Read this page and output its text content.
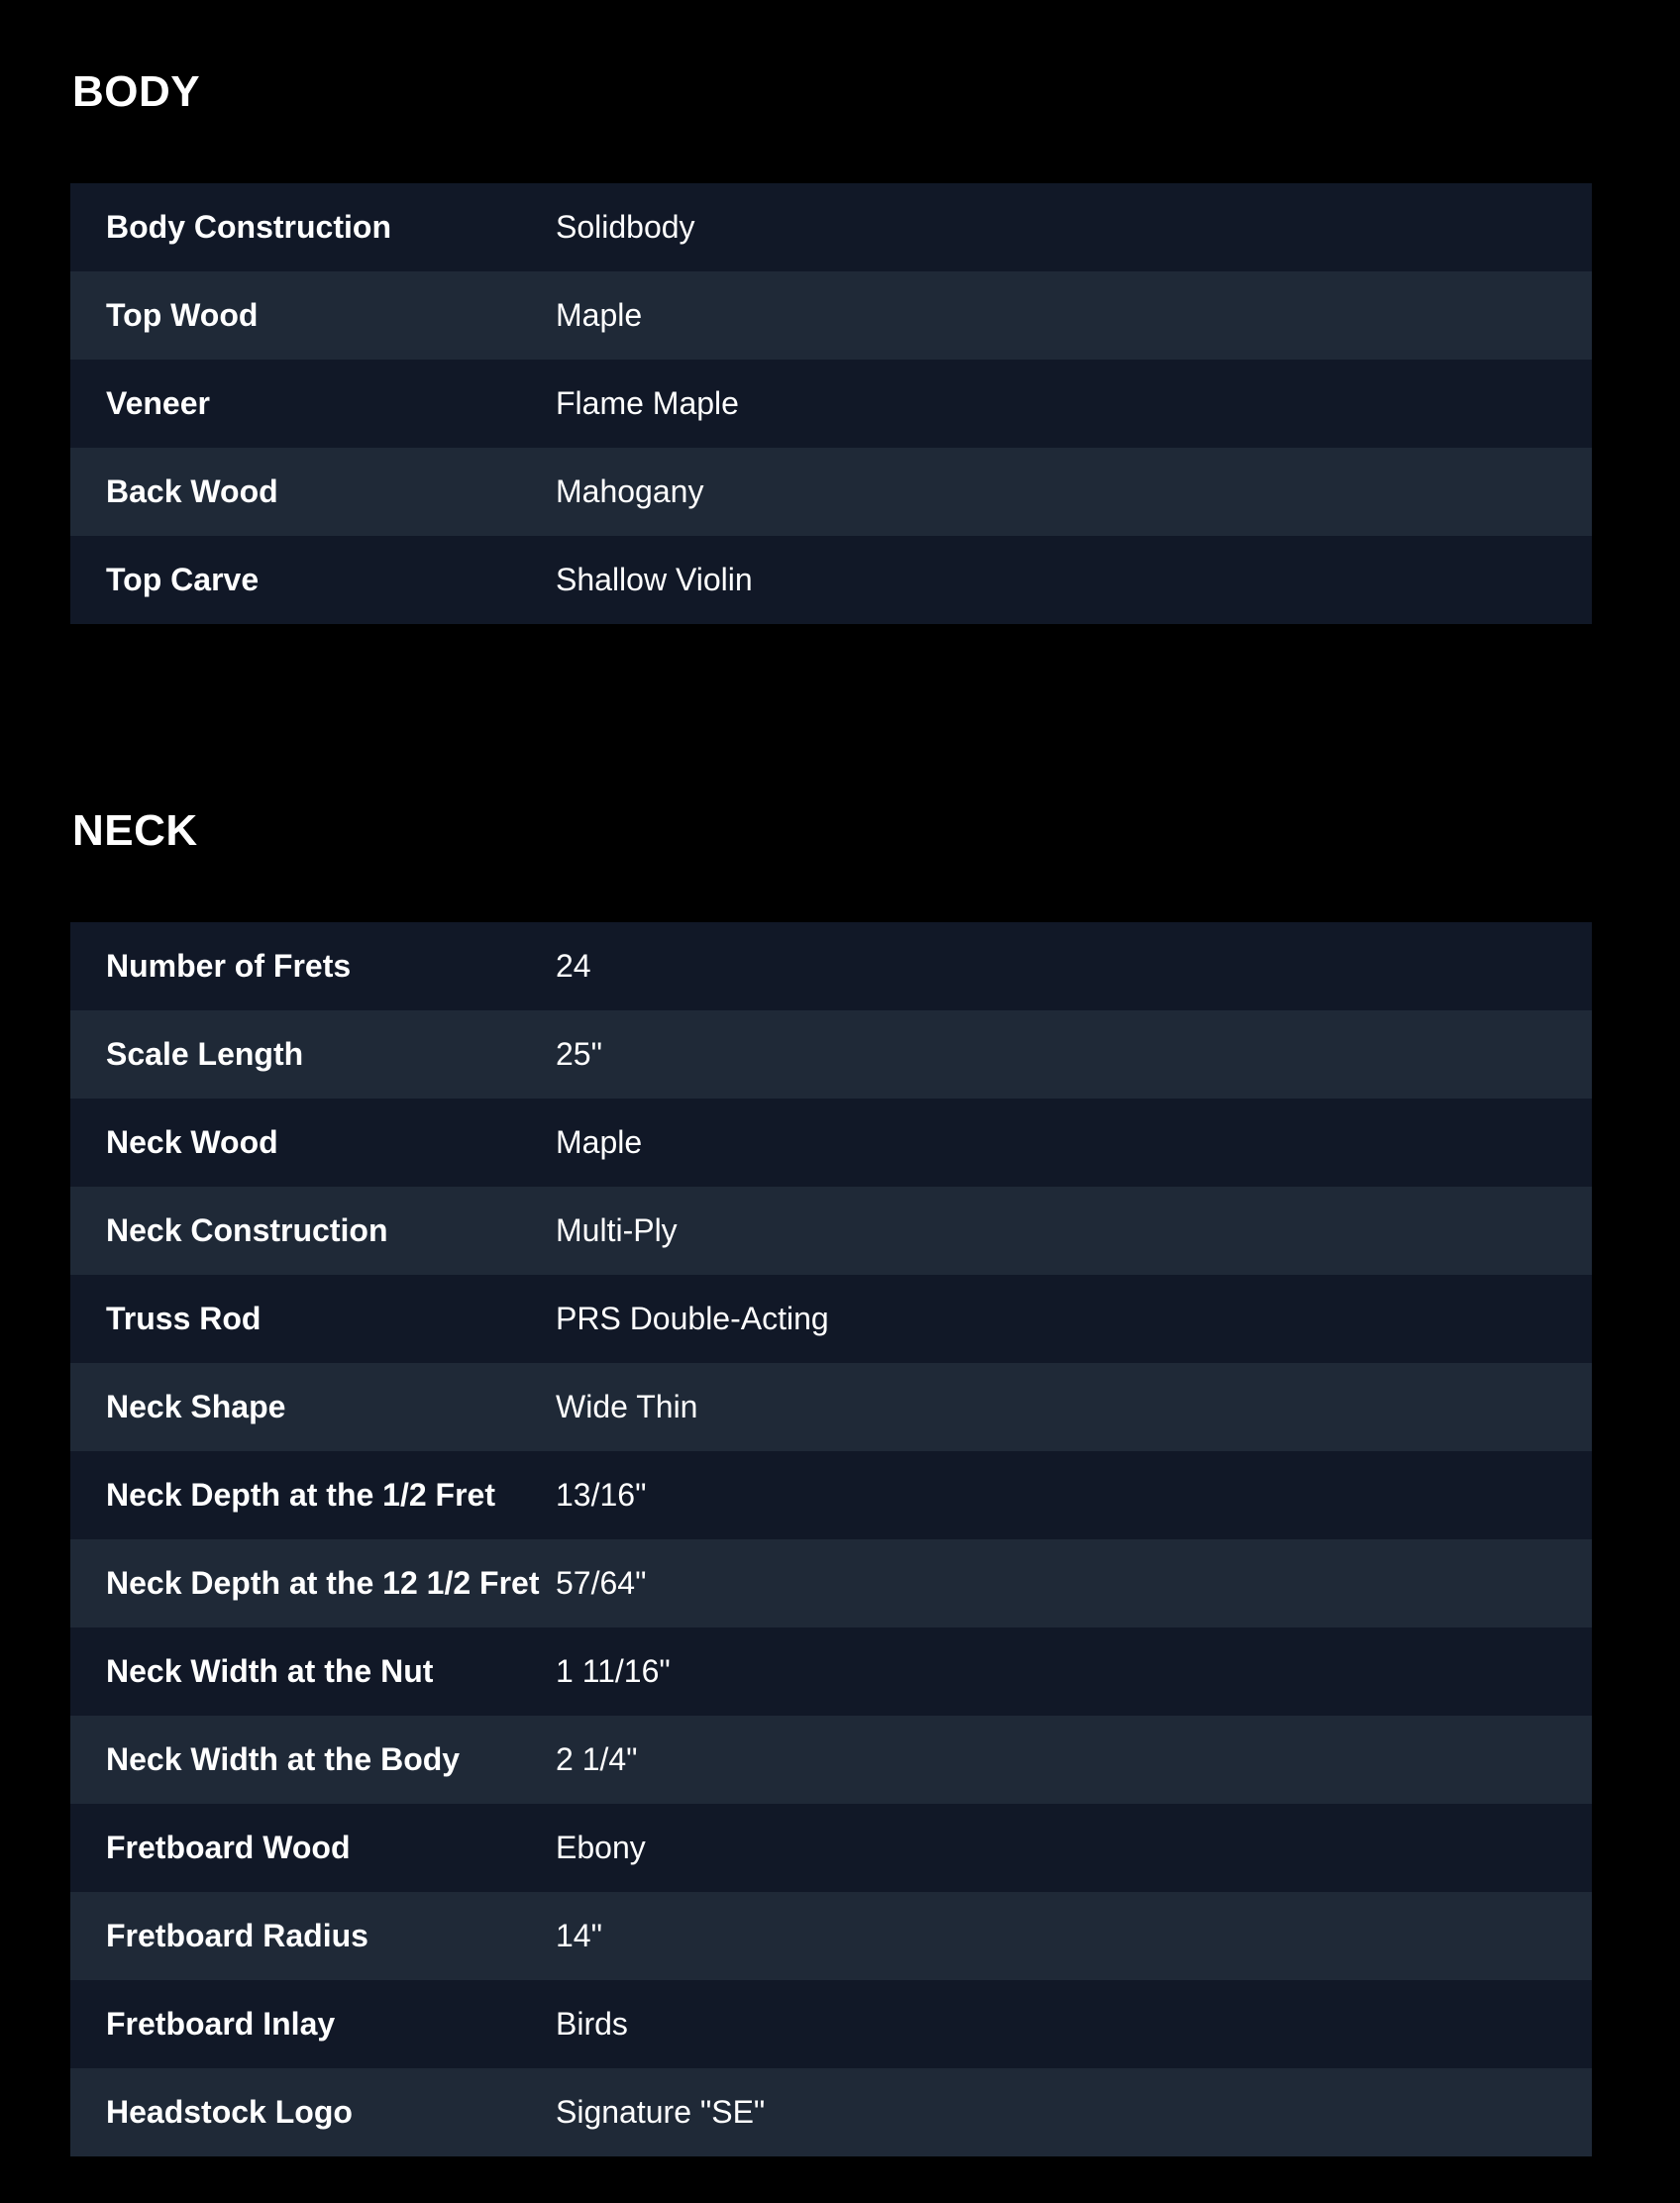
BODY
Body Construction	Solidbody
Top Wood	Maple
Veneer	Flame Maple
Back Wood	Mahogany
Top Carve	Shallow Violin
NECK
Number of Frets	24
Scale Length	25"
Neck Wood	Maple
Neck Construction	Multi-Ply
Truss Rod	PRS Double-Acting
Neck Shape	Wide Thin
Neck Depth at the 1/2 Fret	13/16"
Neck Depth at the 12 1/2 Fret 57/64"
Neck Width at the Nut	1 11/16"
Neck Width at the Body	2 1/4"
Fretboard Wood	Ebony
Fretboard Radius	14"
Fretboard Inlay	Birds
Headstock Logo	Signature "SE"
